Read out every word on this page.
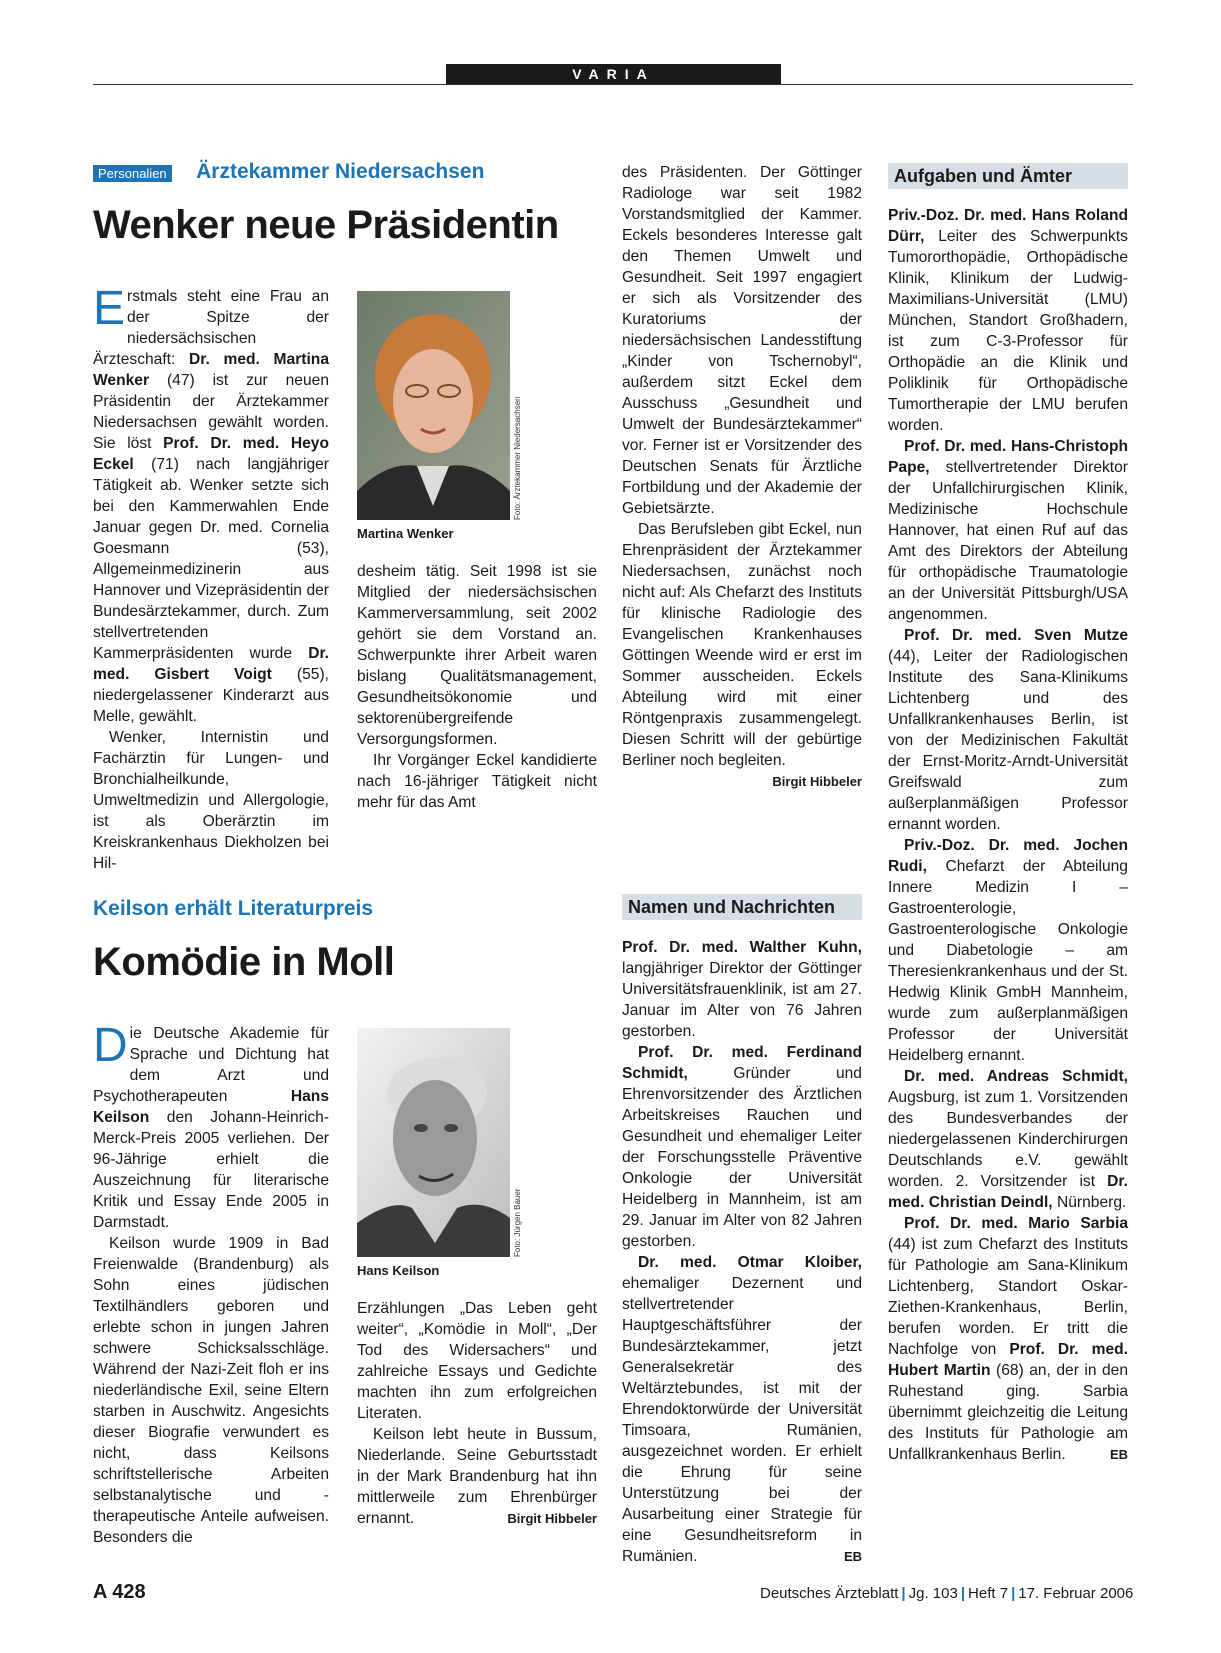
VARIA
Personalien Ärztekammer Niedersachsen
Wenker neue Präsidentin

Erstmals steht eine Frau an der Spitze der niedersächsischen Ärzteschaft: Dr. med. Martina Wenker (47) ist zur neuen Präsidentin der Ärztekammer Niedersachsen gewählt worden. Sie löst Prof. Dr. med. Heyo Eckel (71) nach langjähriger Tätigkeit ab. Wenker setzte sich bei den Kammerwahlen Ende Januar gegen Dr. med. Cornelia Goesmann (53), Allgemeinmedizinerin aus Hannover und Vizepräsidentin der Bundesärztekammer, durch. Zum stellvertretenden Kammerpräsidenten wurde Dr. med. Gisbert Voigt (55), niedergelassener Kinderarzt aus Melle, gewählt.

Wenker, Internistin und Fachärztin für Lungen- und Bronchialheilkunde, Umweltmedizin und Allergologie, ist als Oberärztin im Kreiskrankenhaus Diekholzen bei Hil-

Martina Wenker
Foto: Ärztekammer Niedersachsen

desheim tätig. Seit 1998 ist sie Mitglied der niedersächsischen Kammerversammlung, seit 2002 gehört sie dem Vorstand an. Schwerpunkte ihrer Arbeit waren bislang Qualitätsmanagement, Gesundheitsökonomie und sektorenübergreifende Versorgungsformen.

Ihr Vorgänger Eckel kandidierte nach 16-jähriger Tätigkeit nicht mehr für das Amt

des Präsidenten. Der Göttinger Radiologe war seit 1982 Vorstandsmitglied der Kammer. Eckels besonderes Interesse galt den Themen Umwelt und Gesundheit. Seit 1997 engagiert er sich als Vorsitzender des Kuratoriums der niedersächsischen Landesstiftung „Kinder von Tschernobyl“, außerdem sitzt Eckel dem Ausschuss „Gesundheit und Umwelt der Bundesärztekammer“ vor. Ferner ist er Vorsitzender des Deutschen Senats für Ärztliche Fortbildung und der Akademie der Gebietsärzte.

Das Berufsleben gibt Eckel, nun Ehrenpräsident der Ärztekammer Niedersachsen, zunächst noch nicht auf: Als Chefarzt des Instituts für klinische Radiologie des Evangelischen Krankenhauses Göttingen Weende wird er erst im Sommer ausscheiden. Eckels Abteilung wird mit einer Röntgenpraxis zusammengelegt. Diesen Schritt will der gebürtige Berliner noch begleiten.
Birgit Hibbeler

Keilson erhält Literaturpreis
Komödie in Moll

Die Deutsche Akademie für Sprache und Dichtung hat dem Arzt und Psychotherapeuten	Hans Keilson den Johann-Heinrich-Merck-Preis 2005 verliehen. Der 96-Jährige erhielt die Auszeichnung für literarische Kritik und Essay Ende 2005 in Darmstadt.

Keilson wurde 1909 in Bad Freienwalde (Brandenburg) als Sohn eines jüdischen Textilhändlers geboren und erlebte schon in jungen Jahren schwere Schicksalsschläge. Während der Nazi-Zeit floh er ins niederländische Exil, seine Eltern starben in Auschwitz. Angesichts dieser Biografie verwundert es nicht, dass Keilsons schriftstellerische Arbeiten selbstanalytische und -therapeutische Anteile aufweisen. Besonders die

Hans Keilson
Foto: Jürgen Bauer

Erzählungen „Das Leben geht weiter“, „Komödie in Moll“, „Der Tod des Widersachers“ und zahlreiche Essays und Gedichte machten ihn zum erfolgreichen Literaten.

Keilson lebt heute in Bussum, Niederlande. Seine Geburtsstadt in der Mark Brandenburg hat ihn mittlerweile zum Ehrenbürger ernannt.	Birgit Hibbeler

Namen und Nachrichten

Prof. Dr. med. Walther Kuhn, langjähriger Direktor der Göttinger Universitätsfrauenklinik, ist am 27. Januar im Alter von 76 Jahren gestorben.

Prof. Dr. med. Ferdinand Schmidt,	Gründer und Ehrenvorsitzender des Ärztlichen Arbeitskreises Rauchen und Gesundheit und ehemaliger Leiter der Forschungsstelle Präventive Onkologie der Universität Heidelberg in Mannheim, ist am 29. Januar im Alter von 82 Jahren gestorben.

Dr. med. Otmar Kloiber, ehemaliger Dezernent und stellvertretender Hauptgeschäftsführer der Bundesärztekammer, jetzt Generalsekretär des Weltärztebundes, ist mit der Ehrendoktorwürde der Universität Timsoara, Rumänien, ausgezeichnet worden. Er erhielt die Ehrung für seine Unterstützung bei der Ausarbeitung einer Strategie für eine Gesundheitsreform in Rumänien.	EB

Aufgaben und Ämter

Priv.-Doz. Dr. med. Hans Roland Dürr, Leiter des Schwerpunkts Tumororthopädie, Orthopädische Klinik, Klinikum der Ludwig-Maximilians-Universität (LMU) München, Standort Großhadern, ist zum C-3-Professor für Orthopädie an die Klinik und Poliklinik für Orthopädische Tumortherapie der LMU berufen worden.

Prof. Dr. med. Hans-Christoph Pape, stellvertretender Direktor der Unfallchirurgischen Klinik, Medizinische Hochschule Hannover, hat einen Ruf auf das Amt des Direktors der Abteilung für orthopädische Traumatologie an der Universität Pittsburgh/USA angenommen.

Prof. Dr. med. Sven Mutze (44), Leiter der Radiologischen Institute des Sana-Klinikums Lichtenberg und des Unfallkrankenhauses Berlin, ist von der Medizinischen Fakultät der Ernst-Moritz-Arndt-Universität Greifswald zum außerplanmäßigen Professor ernannt worden.

Priv.-Doz. Dr. med. Jochen Rudi, Chefarzt der Abteilung Innere Medizin I – Gastroenterologie, Gastroenterologische Onkologie und Diabetologie – am Theresienkrankenhaus und der St. Hedwig Klinik GmbH Mannheim, wurde zum außerplanmäßigen Professor der Universität Heidelberg ernannt.

Dr. med. Andreas Schmidt, Augsburg, ist zum 1. Vorsitzenden des Bundesverbandes der niedergelassenen Kinderchirurgen Deutschlands e.V. gewählt worden. 2. Vorsitzender ist Dr. med. Christian Deindl, Nürnberg.

Prof. Dr. med. Mario Sarbia (44) ist zum Chefarzt des Instituts für Pathologie am Sana-Klinikum Lichtenberg, Standort Oskar-Ziethen-Krankenhaus, Berlin, berufen worden. Er tritt die Nachfolge von Prof. Dr. med. Hubert Martin (68) an, der in den Ruhestand ging. Sarbia übernimmt gleichzeitig die Leitung des Instituts für Pathologie am Unfallkrankenhaus Berlin.	EB

A 428	Deutsches Ärzteblatt | Jg. 103 | Heft 7 | 17. Februar 2006
